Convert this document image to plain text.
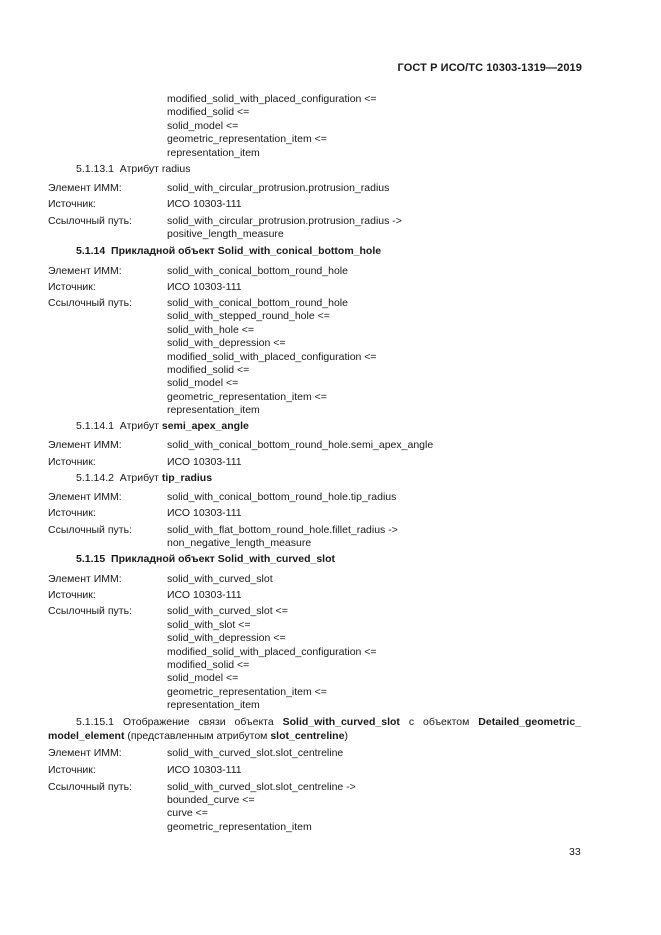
ГОСТ Р ИСО/ТС 10303-1319—2019
modified_solid_with_placed_configuration <=
modified_solid <=
solid_model <=
geometric_representation_item <=
representation_item
5.1.13.1 Атрибут radius
Элемент ИММ:	solid_with_circular_protrusion.protrusion_radius
Источник:	ИСО 10303-111
Ссылочный путь:	solid_with_circular_protrusion.protrusion_radius ->
positive_length_measure
5.1.14 Прикладной объект Solid_with_conical_bottom_hole
Элемент ИММ:	solid_with_conical_bottom_round_hole
Источник:	ИСО 10303-111
Ссылочный путь:	solid_with_conical_bottom_round_hole
solid_with_stepped_round_hole <=
solid_with_hole <=
solid_with_depression <=
modified_solid_with_placed_configuration <=
modified_solid <=
solid_model <=
geometric_representation_item <=
representation_item
5.1.14.1 Атрибут semi_apex_angle
Элемент ИММ:	solid_with_conical_bottom_round_hole.semi_apex_angle
Источник:	ИСО 10303-111
5.1.14.2 Атрибут tip_radius
Элемент ИММ:	solid_with_conical_bottom_round_hole.tip_radius
Источник:	ИСО 10303-111
Ссылочный путь:	solid_with_flat_bottom_round_hole.fillet_radius ->
non_negative_length_measure
5.1.15 Прикладной объект Solid_with_curved_slot
Элемент ИММ:	solid_with_curved_slot
Источник:	ИСО 10303-111
Ссылочный путь:	solid_with_curved_slot <=
solid_with_slot <=
solid_with_depression <=
modified_solid_with_placed_configuration <=
modified_solid <=
solid_model <=
geometric_representation_item <=
representation_item
5.1.15.1 Отображение связи объекта Solid_with_curved_slot с объектом Detailed_geometric_
model_element (представленным атрибутом slot_centreline)
Элемент ИММ:	solid_with_curved_slot.slot_centreline
Источник:	ИСО 10303-111
Ссылочный путь:	solid_with_curved_slot.slot_centreline ->
bounded_curve <=
curve <=
geometric_representation_item
33
